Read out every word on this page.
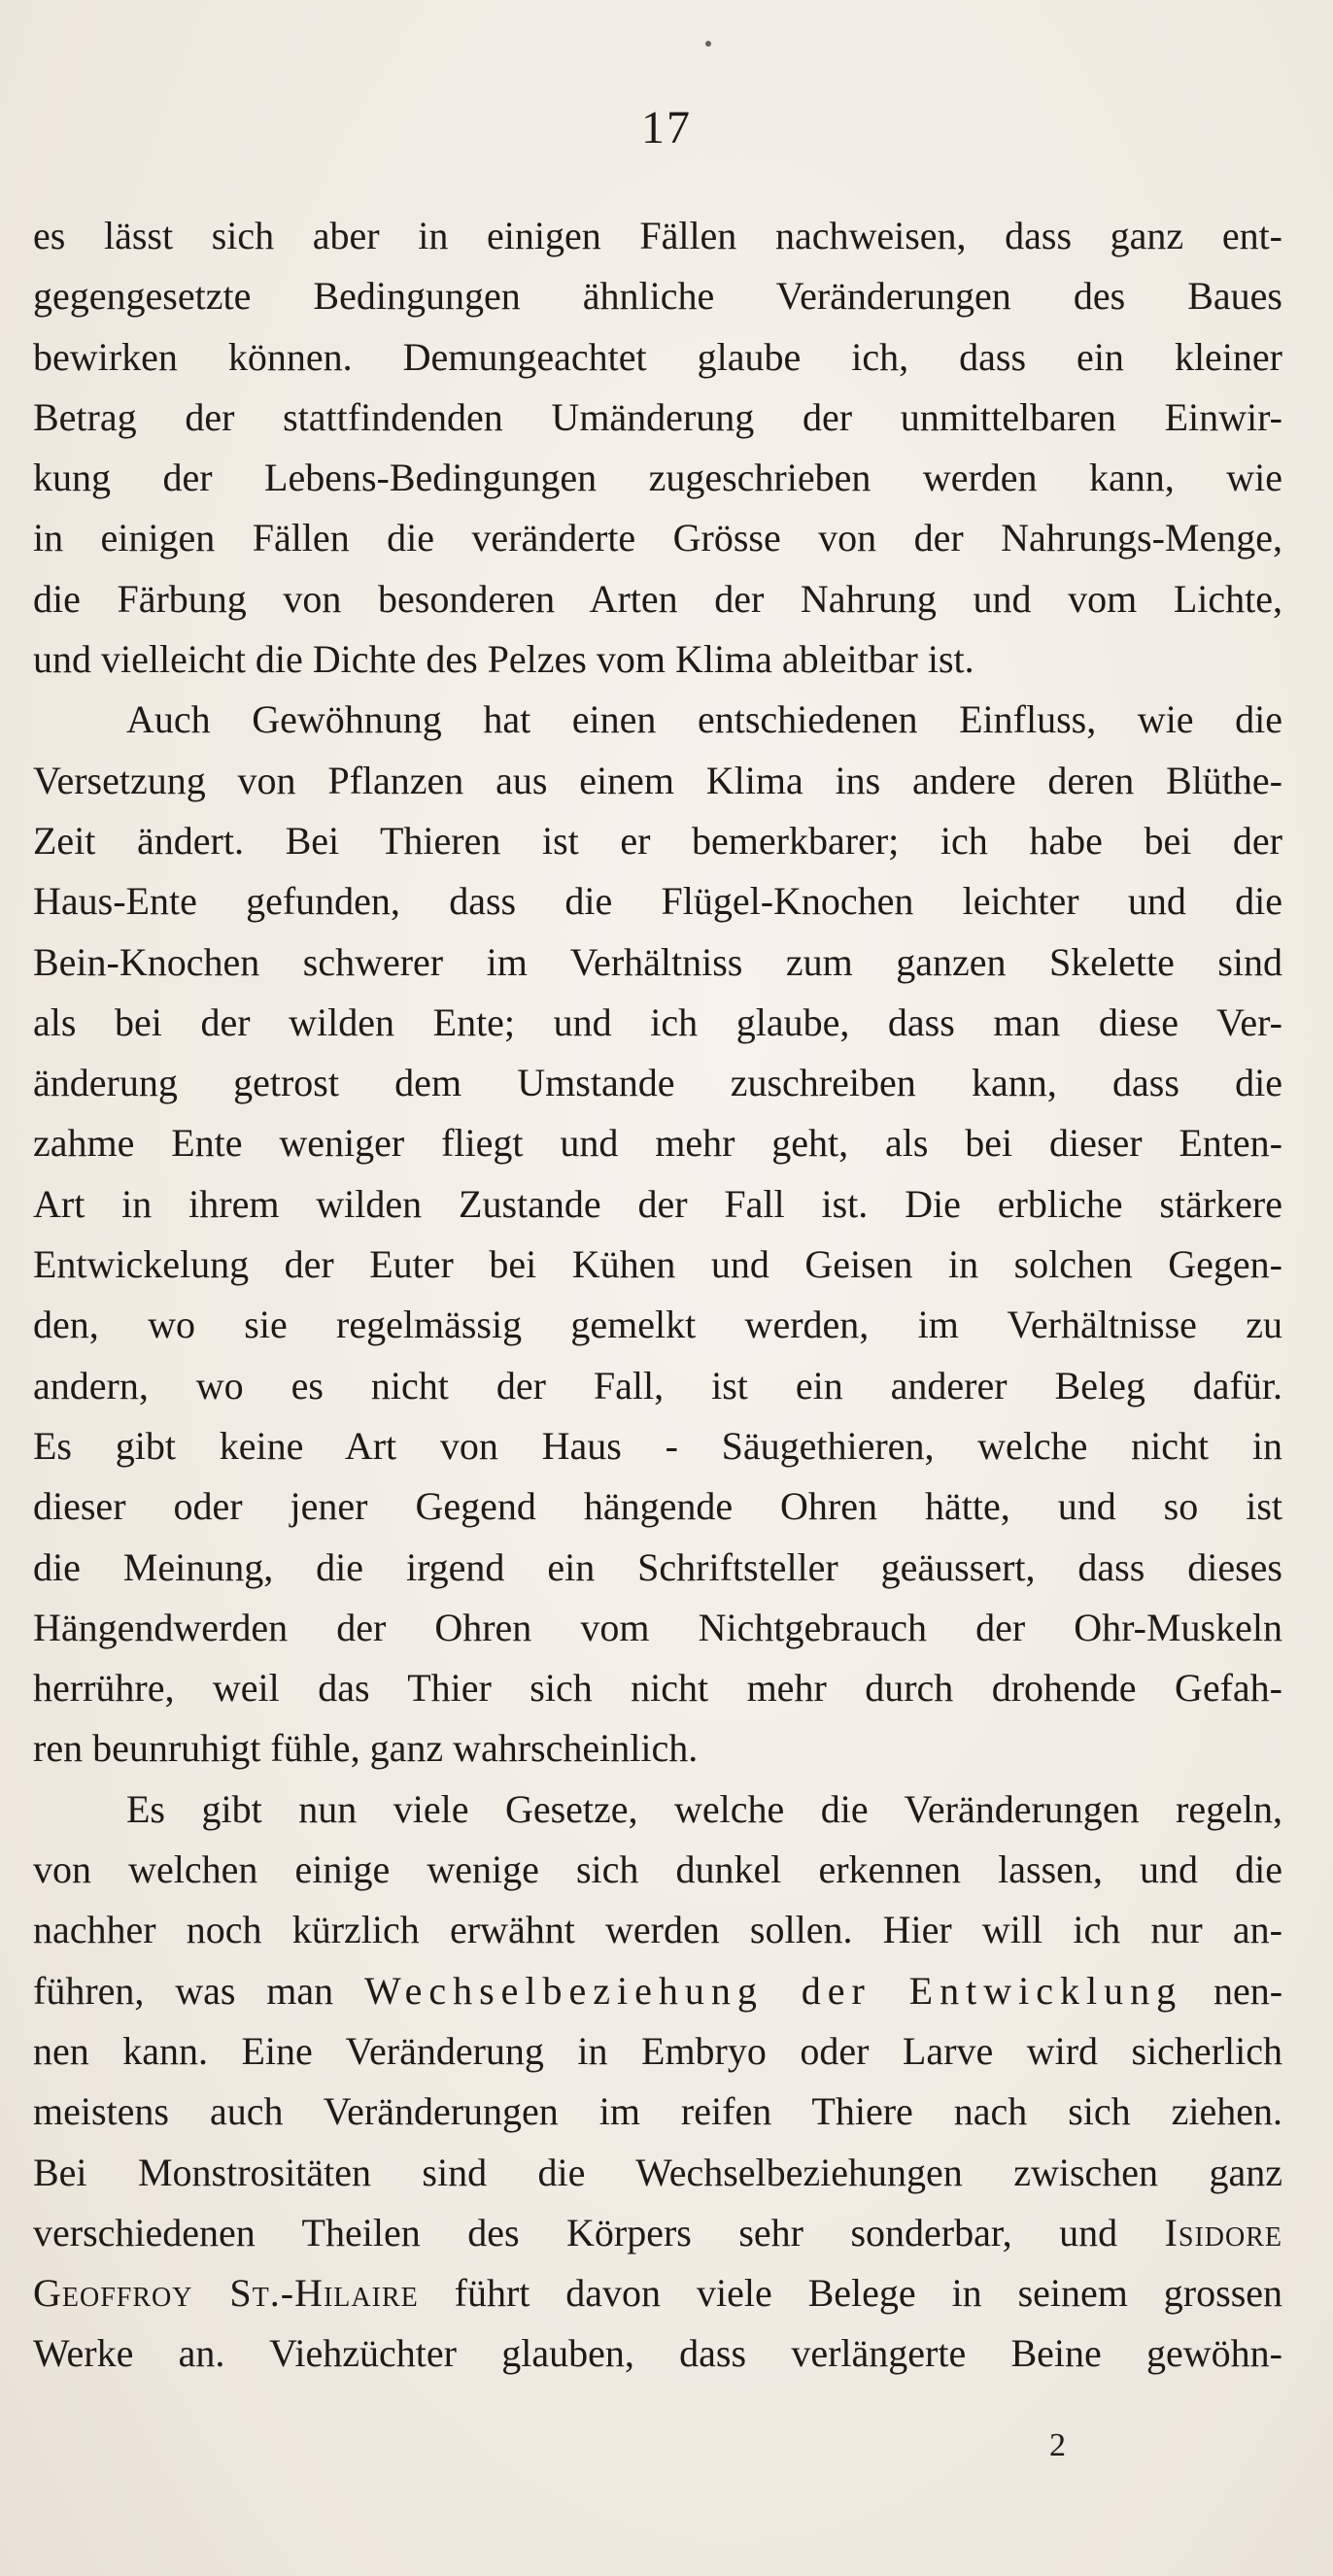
17
es lässt sich aber in einigen Fällen nachweisen, dass ganz ent-
gegengesetzte Bedingungen ähnliche Veränderungen des Baues
bewirken können. Demungeachtet glaube ich, dass ein kleiner
Betrag der stattfindenden Umänderung der unmittelbaren Einwir-
kung der Lebens-Bedingungen zugeschrieben werden kann, wie
in einigen Fällen die veränderte Grösse von der Nahrungs-Menge,
die Färbung von besonderen Arten der Nahrung und vom Lichte,
und vielleicht die Dichte des Pelzes vom Klima ableitbar ist.
Auch Gewöhnung hat einen entschiedenen Einfluss, wie die
Versetzung von Pflanzen aus einem Klima ins andere deren Blüthe-
Zeit ändert. Bei Thieren ist er bemerkbarer; ich habe bei der
Haus-Ente gefunden, dass die Flügel-Knochen leichter und die
Bein-Knochen schwerer im Verhältniss zum ganzen Skelette sind
als bei der wilden Ente; und ich glaube, dass man diese Ver-
änderung getrost dem Umstande zuschreiben kann, dass die
zahme Ente weniger fliegt und mehr geht, als bei dieser Enten-
Art in ihrem wilden Zustande der Fall ist. Die erbliche stärkere
Entwickelung der Euter bei Kühen und Geisen in solchen Gegen-
den, wo sie regelmässig gemelkt werden, im Verhältnisse zu
andern, wo es nicht der Fall, ist ein anderer Beleg dafür.
Es gibt keine Art von Haus - Säugethieren, welche nicht in
dieser oder jener Gegend hängende Ohren hätte, und so ist
die Meinung, die irgend ein Schriftsteller geäussert, dass dieses
Hängendwerden der Ohren vom Nichtgebrauch der Ohr-Muskeln
herrühre, weil das Thier sich nicht mehr durch drohende Gefah-
ren beunruhigt fühle, ganz wahrscheinlich.
Es gibt nun viele Gesetze, welche die Veränderungen regeln,
von welchen einige wenige sich dunkel erkennen lassen, und die
nachher noch kürzlich erwähnt werden sollen. Hier will ich nur an-
führen, was man Wechselbeziehung der Entwicklung nen-
nen kann. Eine Veränderung in Embryo oder Larve wird sicherlich
meistens auch Veränderungen im reifen Thiere nach sich ziehen.
Bei Monstrositäten sind die Wechselbeziehungen zwischen ganz
verschiedenen Theilen des Körpers sehr sonderbar, und Isidore
Geoffroy St.-Hilaire führt davon viele Belege in seinem grossen
Werke an. Viehzüchter glauben, dass verlängerte Beine gewöhn-
2
